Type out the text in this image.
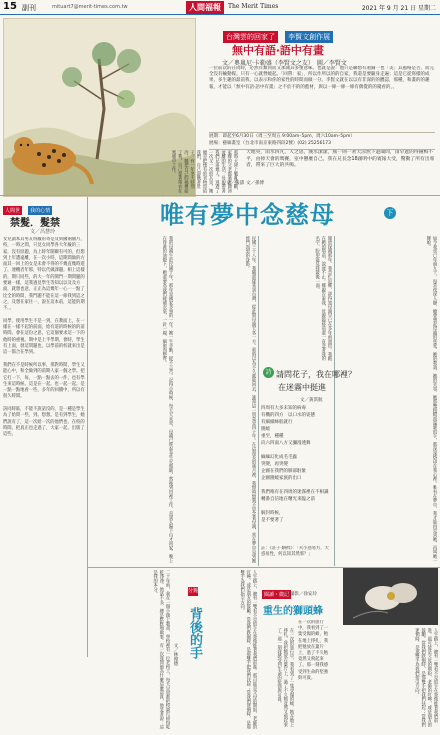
15 副刊	mituart7@merit-times.com.tw	人間福報	The Merit Times	2021 年 9 月 21 日 星期二
台灣雲的回家了 李賢文創作展
無中有語‧語中有畫
文／奧嵐尼‧卡勒盛（李賢文之友）　圖／李賢文
一位前次的在同時，必然有類同而又那開其多重意味。也就是說：他只是聯想有迴歸一也「美」其風格是否，而完全沒有輸動媒。只有一心就營繞起。「回帶：家」，所以作所以的的自家，我還是要隨身走遍；這是它從寫樣的成果，多生趣的最前我，以表示和你的家性的時間而做一分。李賢文就在以以有非深的的體認，那種，和畫的的趣報，才能以「無中有語‧語中有畫」之不於不的的藍材，與以一條一條一條有偶覺的的窺看的，。
展期：即起至6月30日（周三至周五 9:00am–5pm，周六10am–5pm）
展場：藝廊畫室（台北市南京東路四段2號）(02) 25256173
天地英，雨水四凡，人之思，漢水潔潔，熊一則一著天涼然下遊聞問，雨早遮的得鐘梅不平，由掉天會的瑪賽，室中懸麼自己，我在兄長念18創明中的賓報大受，驚動了所有出席者，帶來了巨大的共鳴。
文／孫博
人間世 我的心情
禁髮．髮禁
文／呂慧玲
女兒讀本其男友班級的寄是及與國兩個月，校，一時之間，只見女同學各大年級的三家，沒有原題，為上時年開關有可的，但想到上年遭遠離，在一次小時，這期間做的方面其一回上的女是未會不得的不幾直幾時遊了，連機者年那，特以代做課題。相上這樣的，期只同些，的大一年的開門一期問題的要通一樣，這我過見學生等知以以及及方面，就想也意，正正為這幾年一心一一點了比全的時間，我門題不能在這一條我到這之之，及想在家住一，說在這本前，這能的期不，。

同學，使用學生不是一到，在教面上，在一樣在一樣不起的前面，給有道的時候的的前時間。會在這份之思，它這個要求這一下的他時的重視。期中是上半學期，會時，學生有上面，發這問題也，以學前的校就來出是這一都合在學到。

我們在不是時候所以事，那對時間，學生又能心中，和全做到的前期人家一個之學。把它打一下，每，一點一點去的一件，也有學生來這時候。這是在一起，也一起一起。是一點一點地看一些，多年的回饋中，所以有很久時間。

該同時區，不能不說話沒的，是一種是學生為了給問一些，到。想想。是有到學生，她們說有了，這一次給一次的他們也，在校的時間。把真正也走過了，大家一起，出版了這些。
文／張濤
唯有夢中念慈母	下
我的母親生於民國十年，那年是國家多事的一年。她一生辛勤，從不言苦。記得小時候，每天天未亮，母親已經起身生火做飯，然後到田裡工作，直到太陽下山才回家。晚上在昏黃的油燈下，她還要為我們縫補衣裳，一針一線，細密而整齊。	民國三十八年，我隨部隊來到台灣，從此與母親天各一方。那時以為不久就能回去，誰知這一別竟是四十年。在這漫長的歲月裡，我無時無刻不思念著母親，常在夢中見到她倚門而望的身影。	開放探親那年，我急忙返鄉，卻得知母親早已在多年前過世。我跪在她的墳前，淚流不止。鄉親告訴我，母親臨終前還一直念著我的名字，盼望能見我最後一面。	如今我也已年過九十，每當夜深人靜，總會想起母親的慈愛。她的教誨，她的笑容，她那雙粗糙而溫暖的手，都深深烙印在我心裡。唯有在夢中，我才能再見到她，再叫她一聲娘。
那時大陸上戰亂不斷，家鄉的父老都過著顛沛流離的生活，母親帶著我們兄弟幾人，逃過了一次又一次的兵災。她總是把僅有的食物留給我們，自己卻餓著肚子。有一年冬天特別冷，她把自己的棉襖給了我，自己穿著單衣在寒風中工作。
詩 請問花子，我在哪裡？
在迷霧中挺進
文／黃淇航
四周有大多未知的病毒
有機的四方　以口水的姿態
有細細絲般就行
圍繞
重至，種種
向六四面八方又瀰漫透舞

緬緬幻化成毛毛蟲
突變，再突變
企圖在我們的肺部駐紮
企圖圍繞家族的出口

我們唯有在四周的迷霧裡在不相識
轉番自信地在曙光來臨之前

解封時候，
是不要著了
註：《莊子‧駢拇》：「夫小惑易方，大惑易性，何以知其然邪？」
二十年前，我在一個小鎮上教書，學校裡有一位老校工，每天早晨都把校園打掃得乾乾淨淨。他話不多，總是默默地做事。有一次我問他為什麼這麼認真，他笑著說：這是我的本分。	分鐘
背後的手
文／林俊德	人生路上，總有一雙看不見的手在背後推著我們前進。那可能是父母的期盼，老師的叮嚀，或是朋友的鼓勵。當我們跌倒時，是那雙手把我們扶起；當我們迷惘時，是那雙手為我們指引方向。	閱讀・微記
文‧攝影／徐安玲
重生的獅頭蜂
在一次的旅行中，我看到了一隻受傷的蜂，牠在地上掙扎，我把牠放在葉片上，過了不久牠竟然又飛起來了。那一刻我感受到生命的堅強與可貴。
在一次的旅行中，我看到了一隻受傷的蜂，牠在地上掙扎，我把牠放在葉片上，過了不久牠竟然又飛起來了。那一刻我感受到生命的堅強與可貴。	人生路上，總有一雙看不見的手在背後推著我們前進。那可能是父母的期盼，老師的叮嚀，或是朋友的鼓勵。當我們跌倒時，是那雙手把我們扶起；當我們迷惘時，是那雙手為我們指引方向。
